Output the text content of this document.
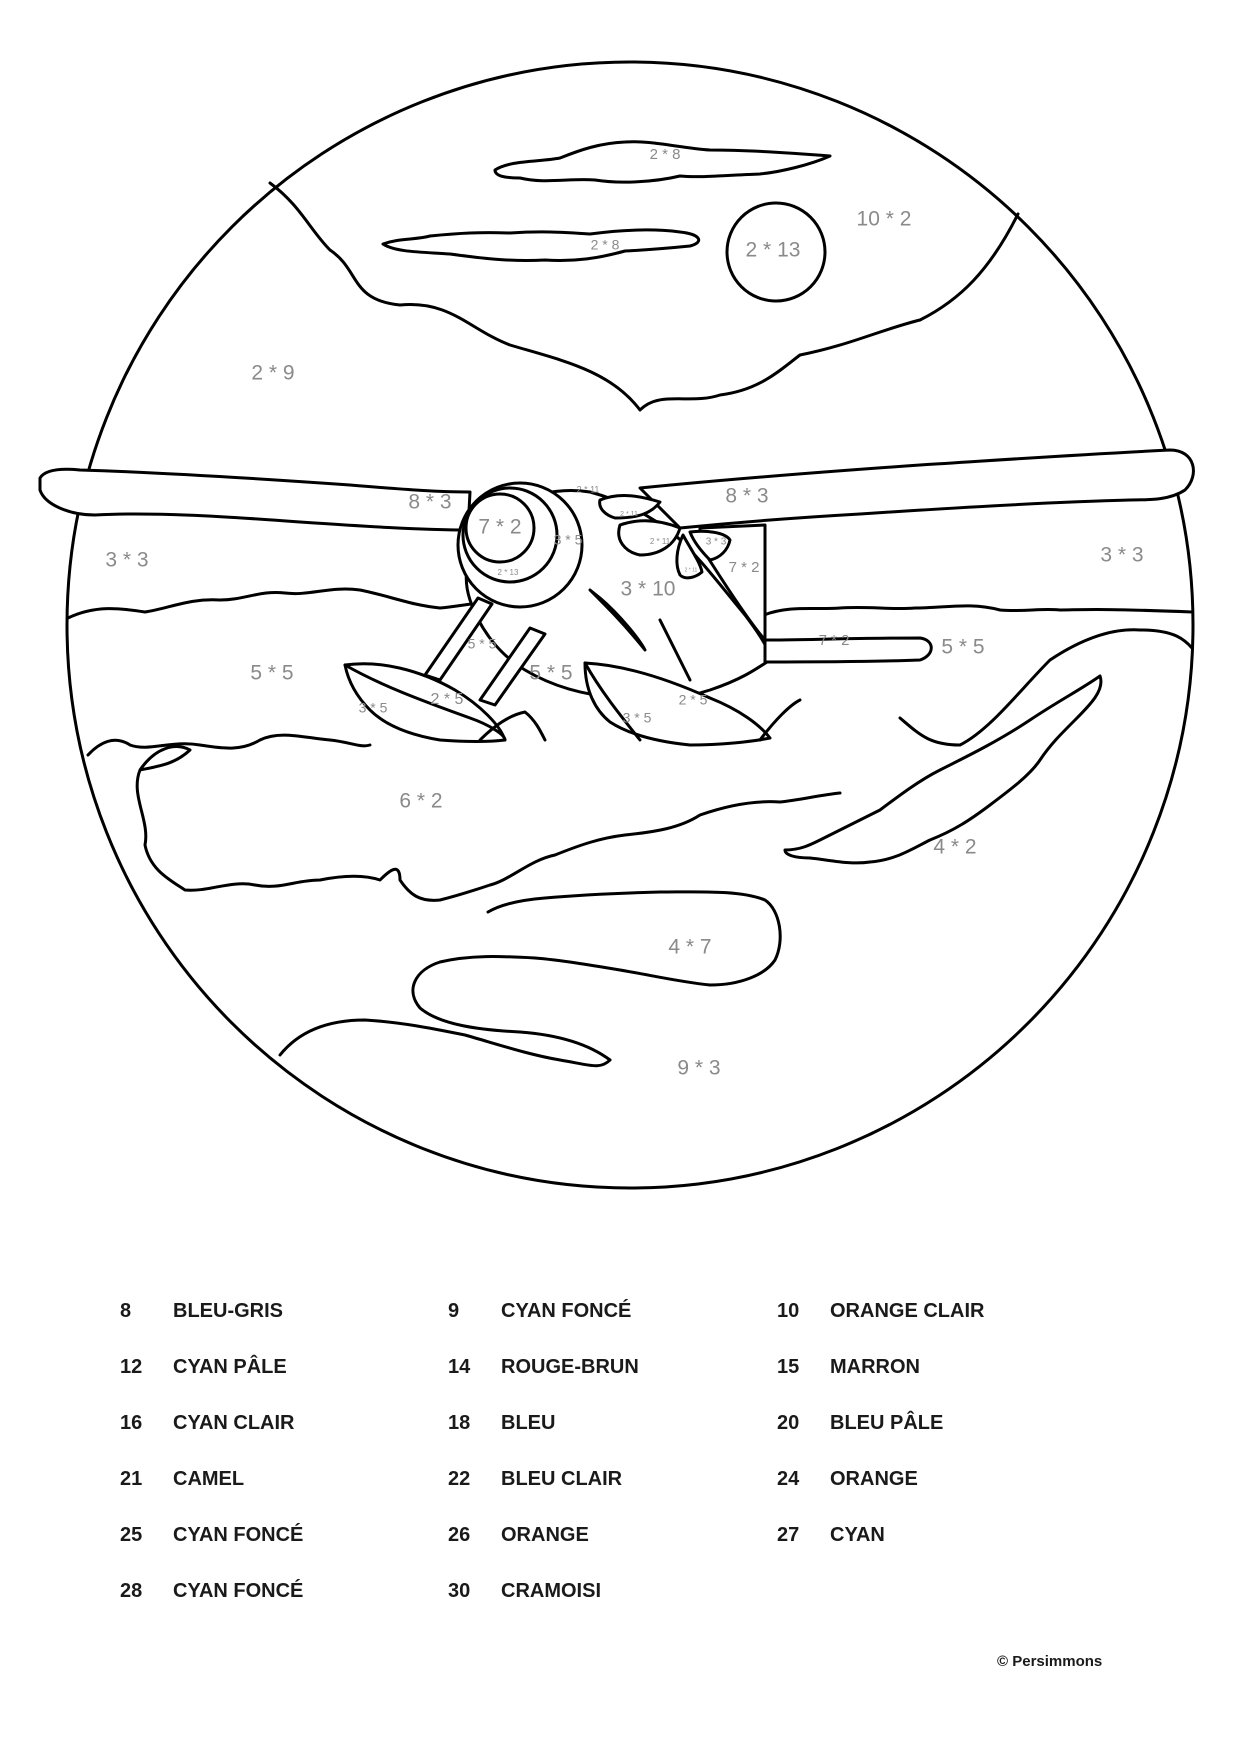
2 * 8
2 * 8	2 * 13
10 * 2
2 * 9
8 * 3	8 * 3
2 * 11
2 * 11
2 * 11	3 * 3
2 * 11
7 * 2
2 * 13
3 * 5
3 * 10
7 * 2
7 * 2
3 * 3	3 * 3
5 * 5
5 * 5	5 * 5
5 * 5
3 * 5	2 * 5
3 * 5
2 * 5
6 * 2
4 * 2
4 * 7
9 * 3
8 BLEU-GRIS	9 CYAN FONCÉ	10 ORANGE CLAIR
12 CYAN PÂLE	14 ROUGE-BRUN	15 MARRON
16 CYAN CLAIR	18 BLEU	20 BLEU PÂLE
21 CAMEL	22 BLEU CLAIR	24 ORANGE
25 CYAN FONCÉ	26 ORANGE	27 CYAN
28 CYAN FONCÉ	30 CRAMOISI
© Persimmons
